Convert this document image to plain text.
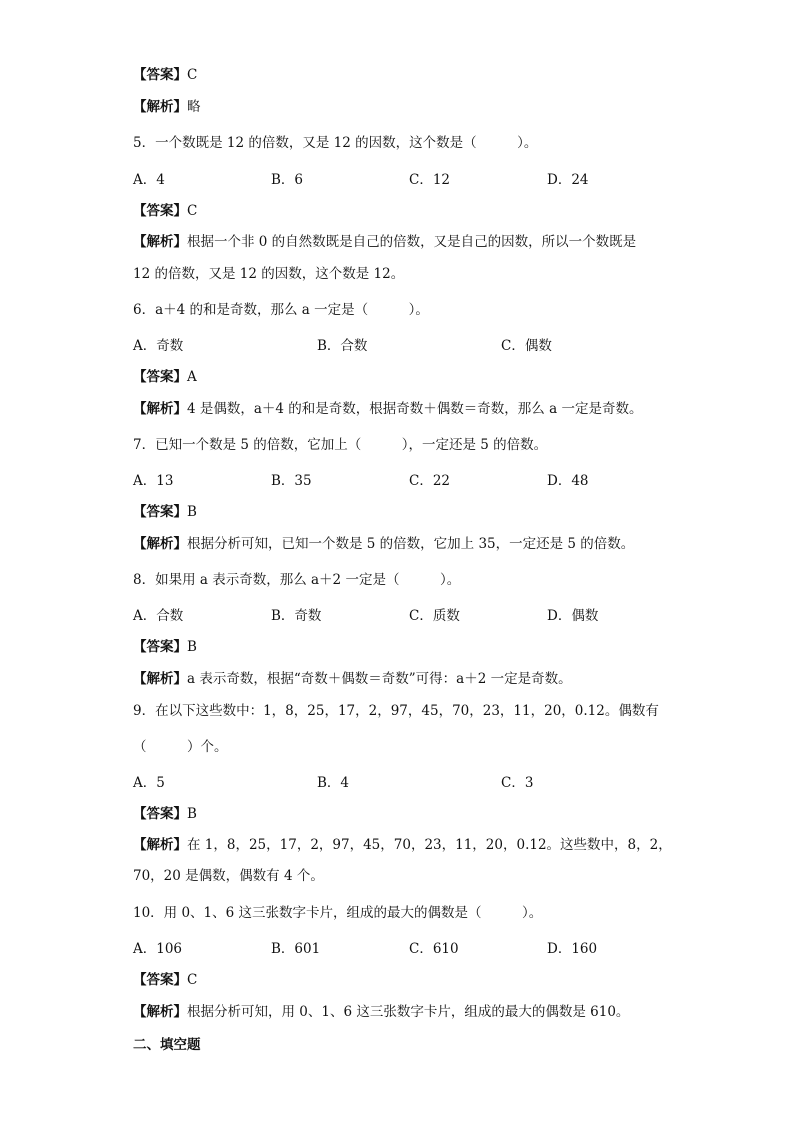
【答案】C
【解析】略
5．一个数既是 12 的倍数，又是 12 的因数，这个数是（　　　）。
A．4	B．6	C．12	D．24
【答案】C
【解析】根据一个非 0 的自然数既是自己的倍数，又是自己的因数，所以一个数既是
12 的倍数，又是 12 的因数，这个数是 12。
6．a＋4 的和是奇数，那么 a 一定是（　　　）。
A．奇数	B．合数	C．偶数
【答案】A
【解析】4 是偶数，a＋4 的和是奇数，根据奇数＋偶数＝奇数，那么 a 一定是奇数。
7．已知一个数是 5 的倍数，它加上（　　　），一定还是 5 的倍数。
A．13	B．35	C．22	D．48
【答案】B
【解析】根据分析可知，已知一个数是 5 的倍数，它加上 35，一定还是 5 的倍数。
8．如果用 a 表示奇数，那么 a＋2 一定是（　　　）。
A．合数	B．奇数	C．质数	D．偶数
【答案】B
【解析】a 表示奇数，根据“奇数＋偶数＝奇数”可得：a＋2 一定是奇数。
9．在以下这些数中：1，8，25，17，2，97，45，70，23，11，20，0.12。偶数有
（　　　）个。
A．5	B．4	C．3
【答案】B
【解析】在 1，8，25，17，2，97，45，70，23，11，20，0.12。这些数中，8，2，
70，20 是偶数，偶数有 4 个。
10．用 0、1、6 这三张数字卡片，组成的最大的偶数是（　　　）。
A．106	B．601	C．610	D．160
【答案】C
【解析】根据分析可知，用 0、1、6 这三张数字卡片，组成的最大的偶数是 610。
二、填空题
